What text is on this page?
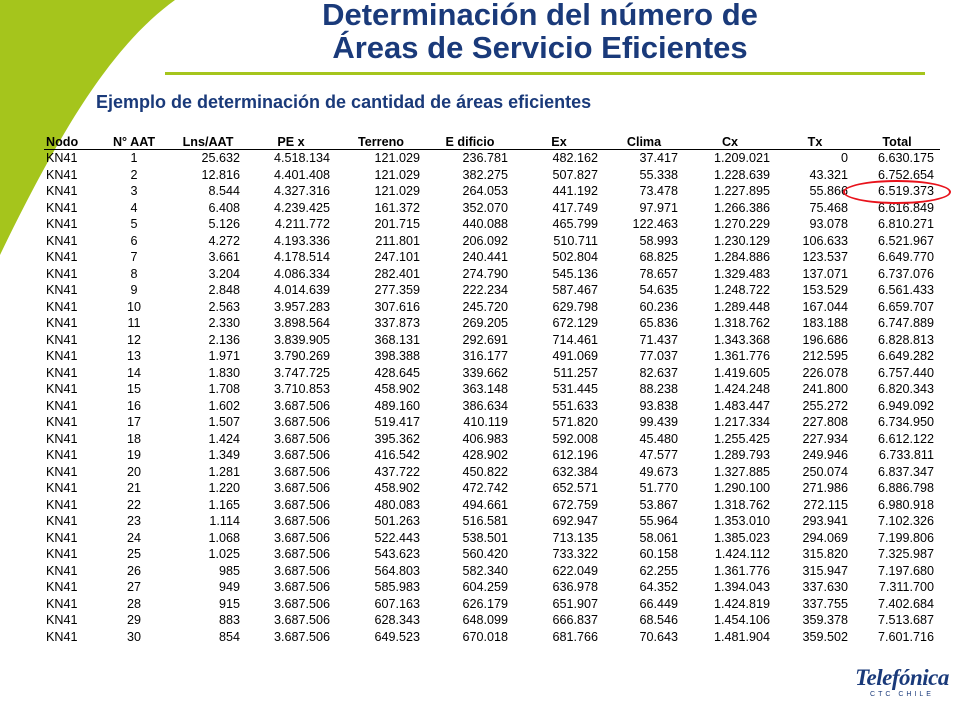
Determinación del número de
Áreas de Servicio Eficientes
Ejemplo de determinación de cantidad de áreas eficientes
Nodo	N° AAT	Lns/AAT	PE x	Terreno	E dificio	Ex	Clima	Cx	Tx	Total
KN41	1	25.632	4.518.134	121.029	236.781	482.162	37.417	1.209.021	0	6.630.175
KN41	2	12.816	4.401.408	121.029	382.275	507.827	55.338	1.228.639	43.321	6.752.654
KN41	3	8.544	4.327.316	121.029	264.053	441.192	73.478	1.227.895	55.866	6.519.373
KN41	4	6.408	4.239.425	161.372	352.070	417.749	97.971	1.266.386	75.468	6.616.849
KN41	5	5.126	4.211.772	201.715	440.088	465.799	122.463	1.270.229	93.078	6.810.271
KN41	6	4.272	4.193.336	211.801	206.092	510.711	58.993	1.230.129	106.633	6.521.967
KN41	7	3.661	4.178.514	247.101	240.441	502.804	68.825	1.284.886	123.537	6.649.770
KN41	8	3.204	4.086.334	282.401	274.790	545.136	78.657	1.329.483	137.071	6.737.076
KN41	9	2.848	4.014.639	277.359	222.234	587.467	54.635	1.248.722	153.529	6.561.433
KN41	10	2.563	3.957.283	307.616	245.720	629.798	60.236	1.289.448	167.044	6.659.707
KN41	11	2.330	3.898.564	337.873	269.205	672.129	65.836	1.318.762	183.188	6.747.889
KN41	12	2.136	3.839.905	368.131	292.691	714.461	71.437	1.343.368	196.686	6.828.813
KN41	13	1.971	3.790.269	398.388	316.177	491.069	77.037	1.361.776	212.595	6.649.282
KN41	14	1.830	3.747.725	428.645	339.662	511.257	82.637	1.419.605	226.078	6.757.440
KN41	15	1.708	3.710.853	458.902	363.148	531.445	88.238	1.424.248	241.800	6.820.343
KN41	16	1.602	3.687.506	489.160	386.634	551.633	93.838	1.483.447	255.272	6.949.092
KN41	17	1.507	3.687.506	519.417	410.119	571.820	99.439	1.217.334	227.808	6.734.950
KN41	18	1.424	3.687.506	395.362	406.983	592.008	45.480	1.255.425	227.934	6.612.122
KN41	19	1.349	3.687.506	416.542	428.902	612.196	47.577	1.289.793	249.946	6.733.811
KN41	20	1.281	3.687.506	437.722	450.822	632.384	49.673	1.327.885	250.074	6.837.347
KN41	21	1.220	3.687.506	458.902	472.742	652.571	51.770	1.290.100	271.986	6.886.798
KN41	22	1.165	3.687.506	480.083	494.661	672.759	53.867	1.318.762	272.115	6.980.918
KN41	23	1.114	3.687.506	501.263	516.581	692.947	55.964	1.353.010	293.941	7.102.326
KN41	24	1.068	3.687.506	522.443	538.501	713.135	58.061	1.385.023	294.069	7.199.806
KN41	25	1.025	3.687.506	543.623	560.420	733.322	60.158	1.424.112	315.820	7.325.987
KN41	26	985	3.687.506	564.803	582.340	622.049	62.255	1.361.776	315.947	7.197.680
KN41	27	949	3.687.506	585.983	604.259	636.978	64.352	1.394.043	337.630	7.311.700
KN41	28	915	3.687.506	607.163	626.179	651.907	66.449	1.424.819	337.755	7.402.684
KN41	29	883	3.687.506	628.343	648.099	666.837	68.546	1.454.106	359.378	7.513.687
KN41	30	854	3.687.506	649.523	670.018	681.766	70.643	1.481.904	359.502	7.601.716
Telefónica
CTC CHILE
